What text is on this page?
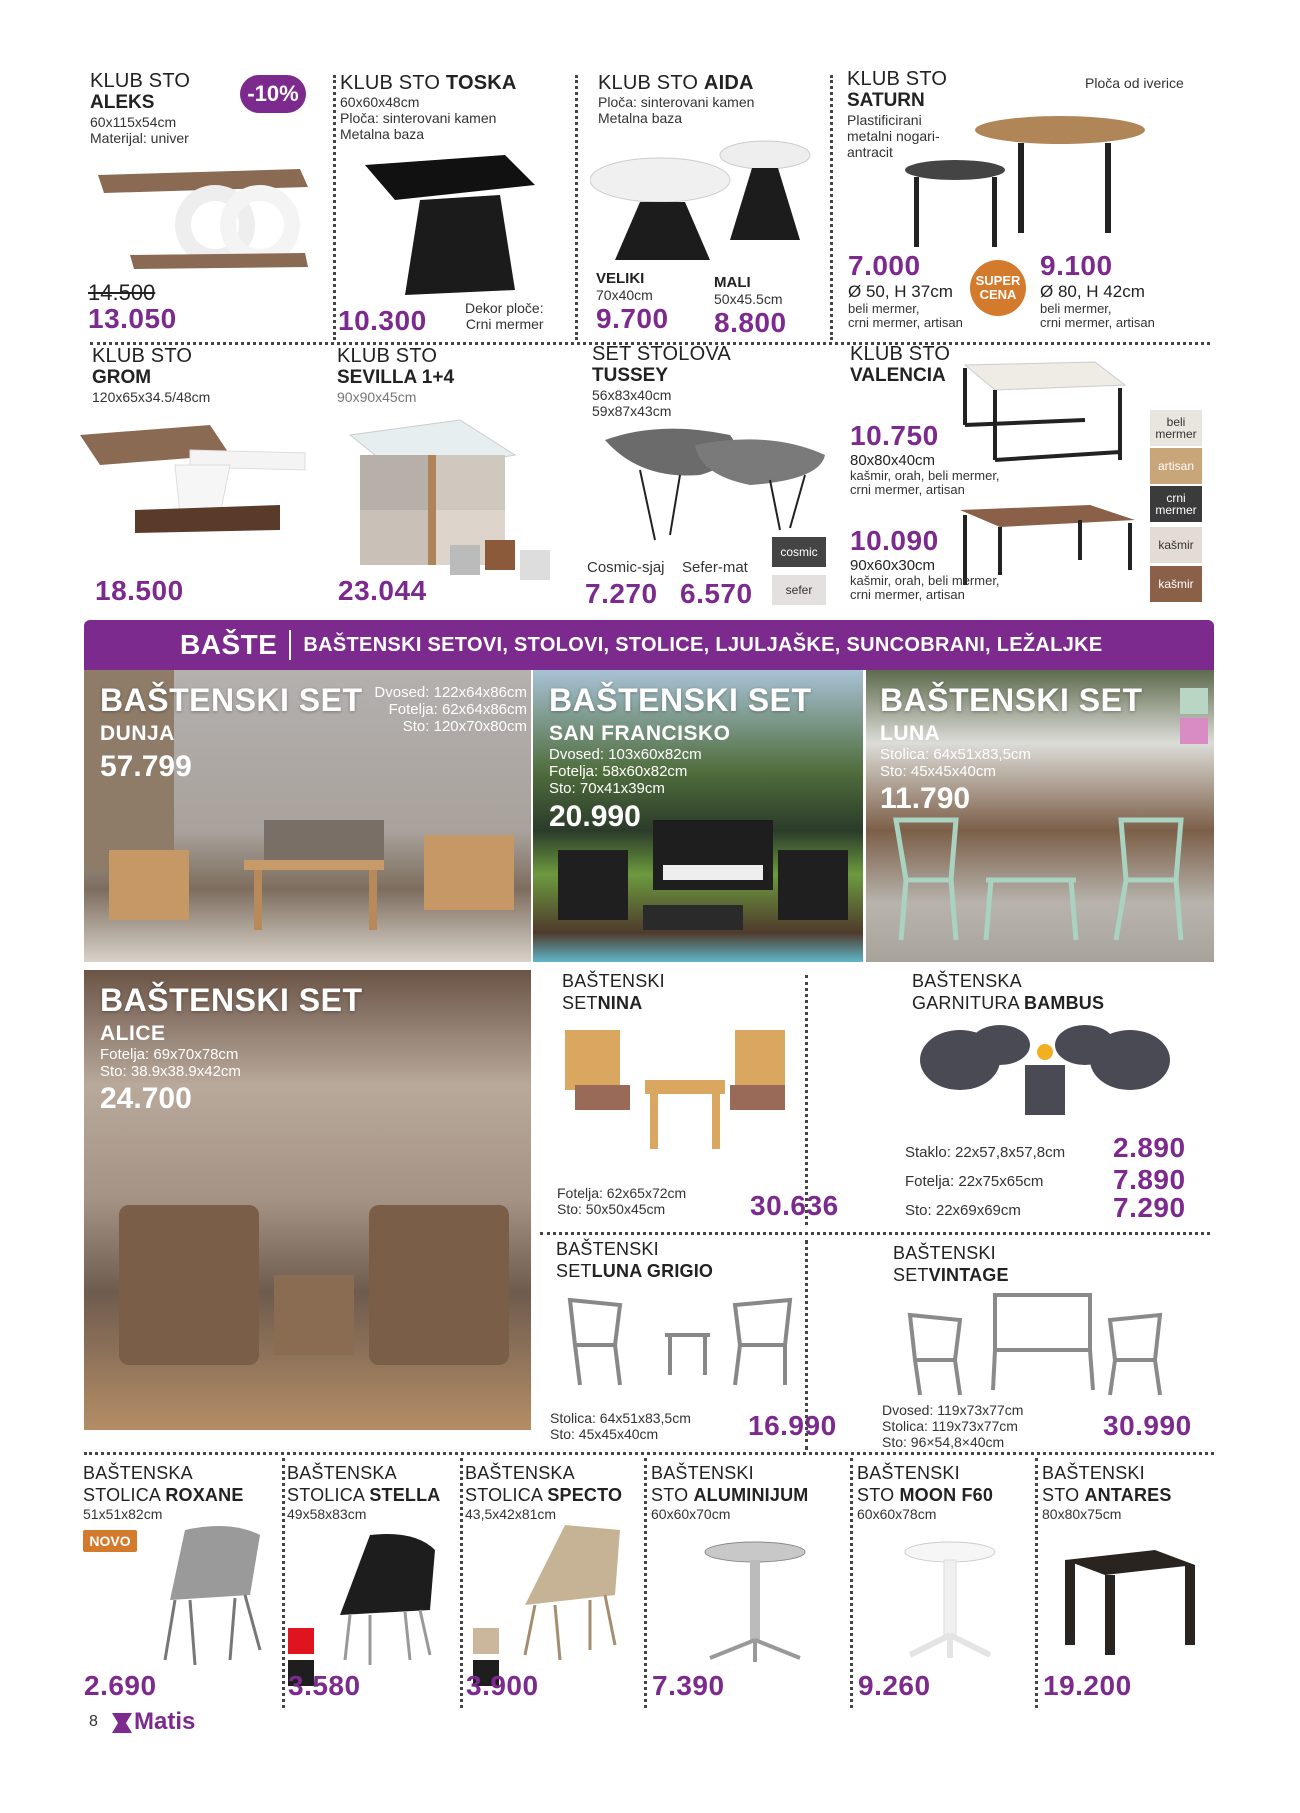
KLUB STO
ALEKS
60x115x54cm
Materijal: univer
-10%
14.500
13.050
KLUB STO TOSKA
60x60x48cm
Ploča: sinterovani kamen
Metalna baza
10.300	Dekor ploče:
Crni mermer
KLUB STO AIDA
Ploča: sinterovani kamen
Metalna baza
VELIKI
70x40cm
9.700
MALI
50x45.5cm
8.800
KLUB STO
SATURN
Plastificirani
metalni nogari-
antracit
Ploča od iverice
7.000
Ø 50, H 37cm
beli mermer,
crni mermer, artisan
SUPER
CENA
9.100
Ø 80, H 42cm
beli mermer,
crni mermer, artisan
KLUB STO
GROM
120x65x34.5/48cm
18.500
KLUB STO
SEVILLA 1+4
90x90x45cm
23.044
SET STOLOVA
TUSSEY
56x83x40cm
59x87x43cm
Cosmic-sjaj Sefer-mat
7.270 6.570
cosmic
sefer
KLUB STO
VALENCIA
10.750
80x80x40cm
kašmir, orah, beli mermer,
crni mermer, artisan
10.090
90x60x30cm
kašmir, orah, beli mermer,
crni mermer, artisan
beli mermer
artisan
crni mermer
kašmir
kašmir
BAŠTE BAŠTENSKI SETOVI, STOLOVI, STOLICE, LJULJAŠKE, SUNCOBRANI, LEŽALJKE
BAŠTENSKI SET
DUNJA
57.799
Dvosed: 122x64x86cm
Fotelja: 62x64x86cm
Sto: 120x70x80cm
BAŠTENSKI SET
SAN FRANCISKO
Dvosed: 103x60x82cm
Fotelja: 58x60x82cm
Sto: 70x41x39cm
20.990
BAŠTENSKI SET
LUNA
Stolica: 64x51x83,5cm
Sto: 45x45x40cm
11.790
BAŠTENSKI SET
ALICE
Fotelja: 69x70x78cm
Sto: 38.9x38.9x42cm
24.700
BAŠTENSKI
SETNINA
Fotelja: 62x65x72cm
Sto: 50x50x45cm	30.636
BAŠTENSKA
GARNITURA BAMBUS
Staklo: 22x57,8x57,8cm 2.890
Fotelja: 22x75x65cm 7.890
Sto: 22x69x69cm	7.290
BAŠTENSKI
SETLUNA GRIGIO
Stolica: 64x51x83,5cm
Sto: 45x45x40cm	16.990
BAŠTENSKI
SETVINTAGE
Dvosed: 119x73x77cm
Stolica: 119x73x77cm
Sto: 96×54,8×40cm
30.990
BAŠTENSKA
STOLICA ROXANE
51x51x82cm
NOVO
2.690
BAŠTENSKA
STOLICA STELLA
49x58x83cm
3.580
BAŠTENSKA
STOLICA SPECTO
43,5x42x81cm
3.900
BAŠTENSKI
STO ALUMINIJUM
60x60x70cm
7.390
BAŠTENSKI
STO MOON F60
60x60x78cm
9.260
BAŠTENSKI
STO ANTARES
80x80x75cm
19.200
8 Matis
